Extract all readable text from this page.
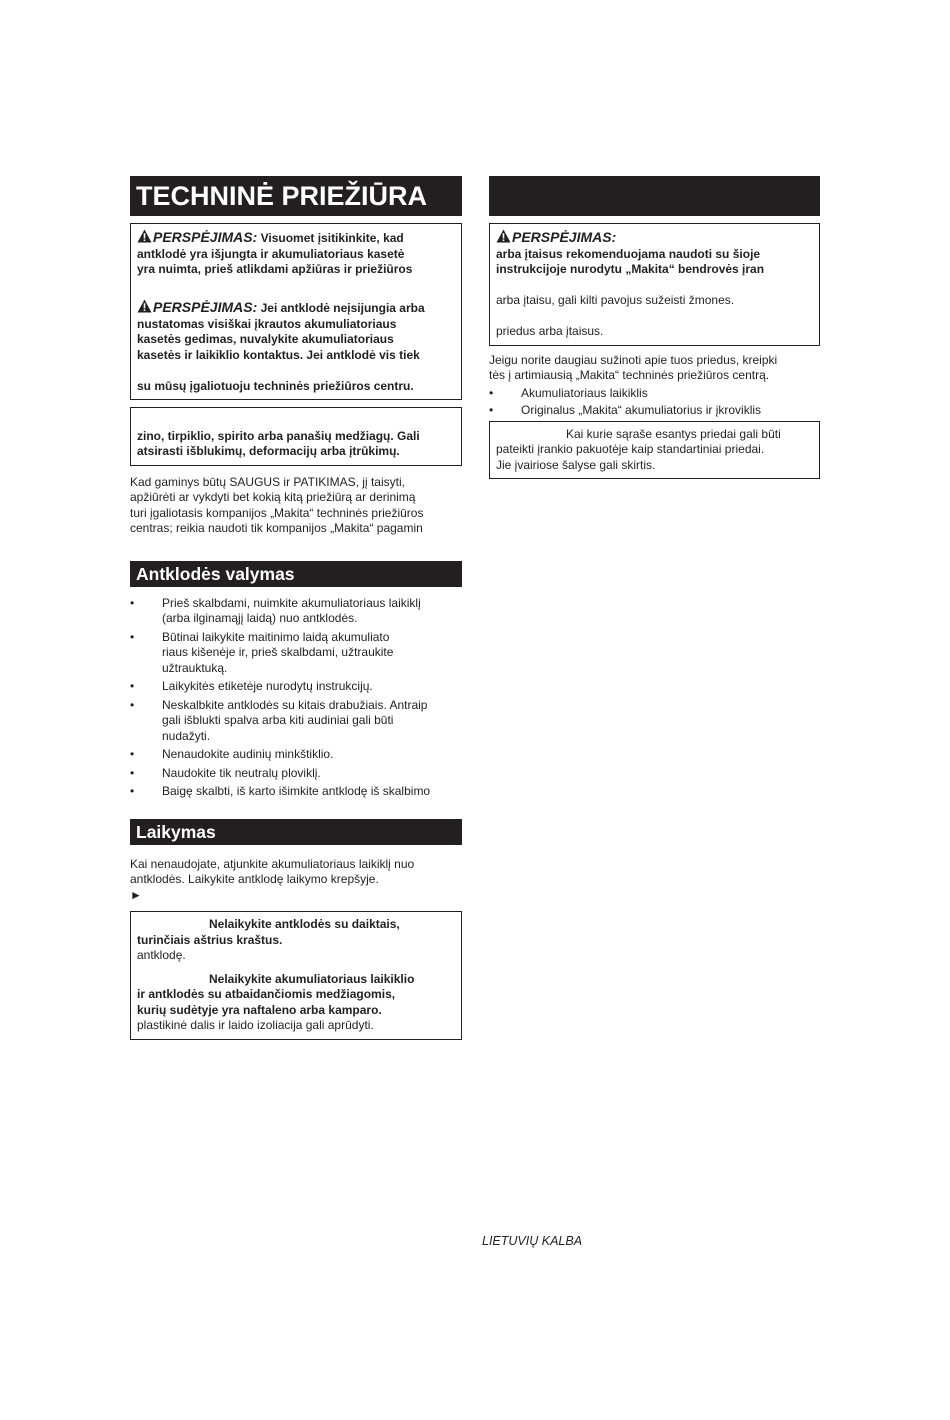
TECHNINĖ PRIEŽIŪRA
PERSPĖJIMAS: Visuomet įsitikinkite, kad
antklodė yra išjungta ir akumuliatoriaus kasetė
yra nuimta, prieš atlikdami apžiūras ir priežiūros
PERSPĖJIMAS: Jei antklodė neįsijungia arba
nustatomas visiškai įkrautos akumuliatoriaus
kasetės gedimas, nuvalykite akumuliatoriaus
kasetės ir laikiklio kontaktus. Jei antklodė vis tiek
su mūsų įgaliotuoju techninės priežiūros centru.
zino, tirpiklio, spirito arba panašių medžiagų. Gali
atsirasti išblukimų, deformacijų arba įtrūkimų.
Kad gaminys būtų SAUGUS ir PATIKIMAS, jį taisyti,
apžiūrėti ar vykdyti bet kokią kitą priežiūrą ar derinimą
turi įgaliotasis kompanijos „Makita“ techninės priežiūros
centras; reikia naudoti tik kompanijos „Makita“ pagamin
Antklodės valymas
• Prieš skalbdami, nuimkite akumuliatoriaus laikiklį
(arba ilginamąjį laidą) nuo antklodės.
• Būtinai laikykite maitinimo laidą akumuliato
riaus kišenėje ir, prieš skalbdami, užtraukite
užtrauktuką.
• Laikykitės etiketėje nurodytų instrukcijų.
• Neskalbkite antklodės su kitais drabužiais. Antraip
gali išblukti spalva arba kiti audiniai gali būti
nudažyti.
• Nenaudokite audinių minkštiklio.
• Naudokite tik neutralų ploviklį.
• Baigę skalbti, iš karto išimkite antklodę iš skalbimo
Laikymas
Kai nenaudojate, atjunkite akumuliatoriaus laikiklį nuo
antklodės. Laikykite antklodę laikymo krepšyje.
►
Nelaikykite antklodės su daiktais,
turinčiais aštrius kraštus.
antklodę.
Nelaikykite akumuliatoriaus laikiklio
ir antklodės su atbaidančiomis medžiagomis,
kurių sudėtyje yra naftaleno arba kamparo.
plastikinė dalis ir laido izoliacija gali aprūdyti.
PERSPĖJIMAS:
arba įtaisus rekomenduojama naudoti su šioje
instrukcijoje nurodytu „Makita“ bendrovės įran
arba įtaisu, gali kilti pavojus sužeisti žmones.
priedus arba įtaisus.
Jeigu norite daugiau sužinoti apie tuos priedus, kreipki
tės į artimiausią „Makita“ techninės priežiūros centrą.
• Akumuliatoriaus laikiklis
• Originalus „Makita“ akumuliatorius ir įkroviklis
Kai kurie sąraše esantys priedai gali būti
pateikti įrankio pakuotėje kaip standartiniai priedai.
Jie įvairiose šalyse gali skirtis.
LIETUVIŲ KALBA
